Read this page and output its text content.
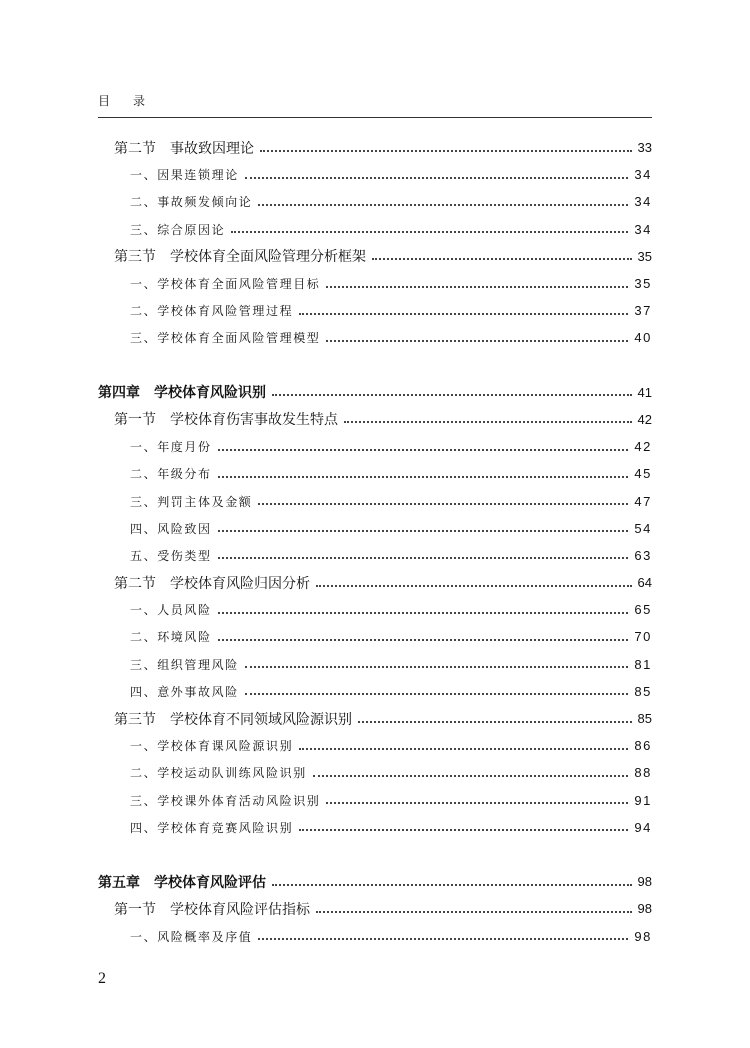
目 录
第二节　事故致因理论	33
一、因果连锁理论	34
二、事故频发倾向论	34
三、综合原因论	34
第三节　学校体育全面风险管理分析框架	35
一、学校体育全面风险管理目标	35
二、学校体育风险管理过程	37
三、学校体育全面风险管理模型	40
第四章　学校体育风险识别	41
第一节　学校体育伤害事故发生特点	42
一、年度月份	42
二、年级分布	45
三、判罚主体及金额	47
四、风险致因	54
五、受伤类型	63
第二节　学校体育风险归因分析	64
一、人员风险	65
二、环境风险	70
三、组织管理风险	81
四、意外事故风险	85
第三节　学校体育不同领域风险源识别	85
一、学校体育课风险源识别	86
二、学校运动队训练风险识别	88
三、学校课外体育活动风险识别	91
四、学校体育竞赛风险识别	94
第五章　学校体育风险评估	98
第一节　学校体育风险评估指标	98
一、风险概率及序值	98
2
